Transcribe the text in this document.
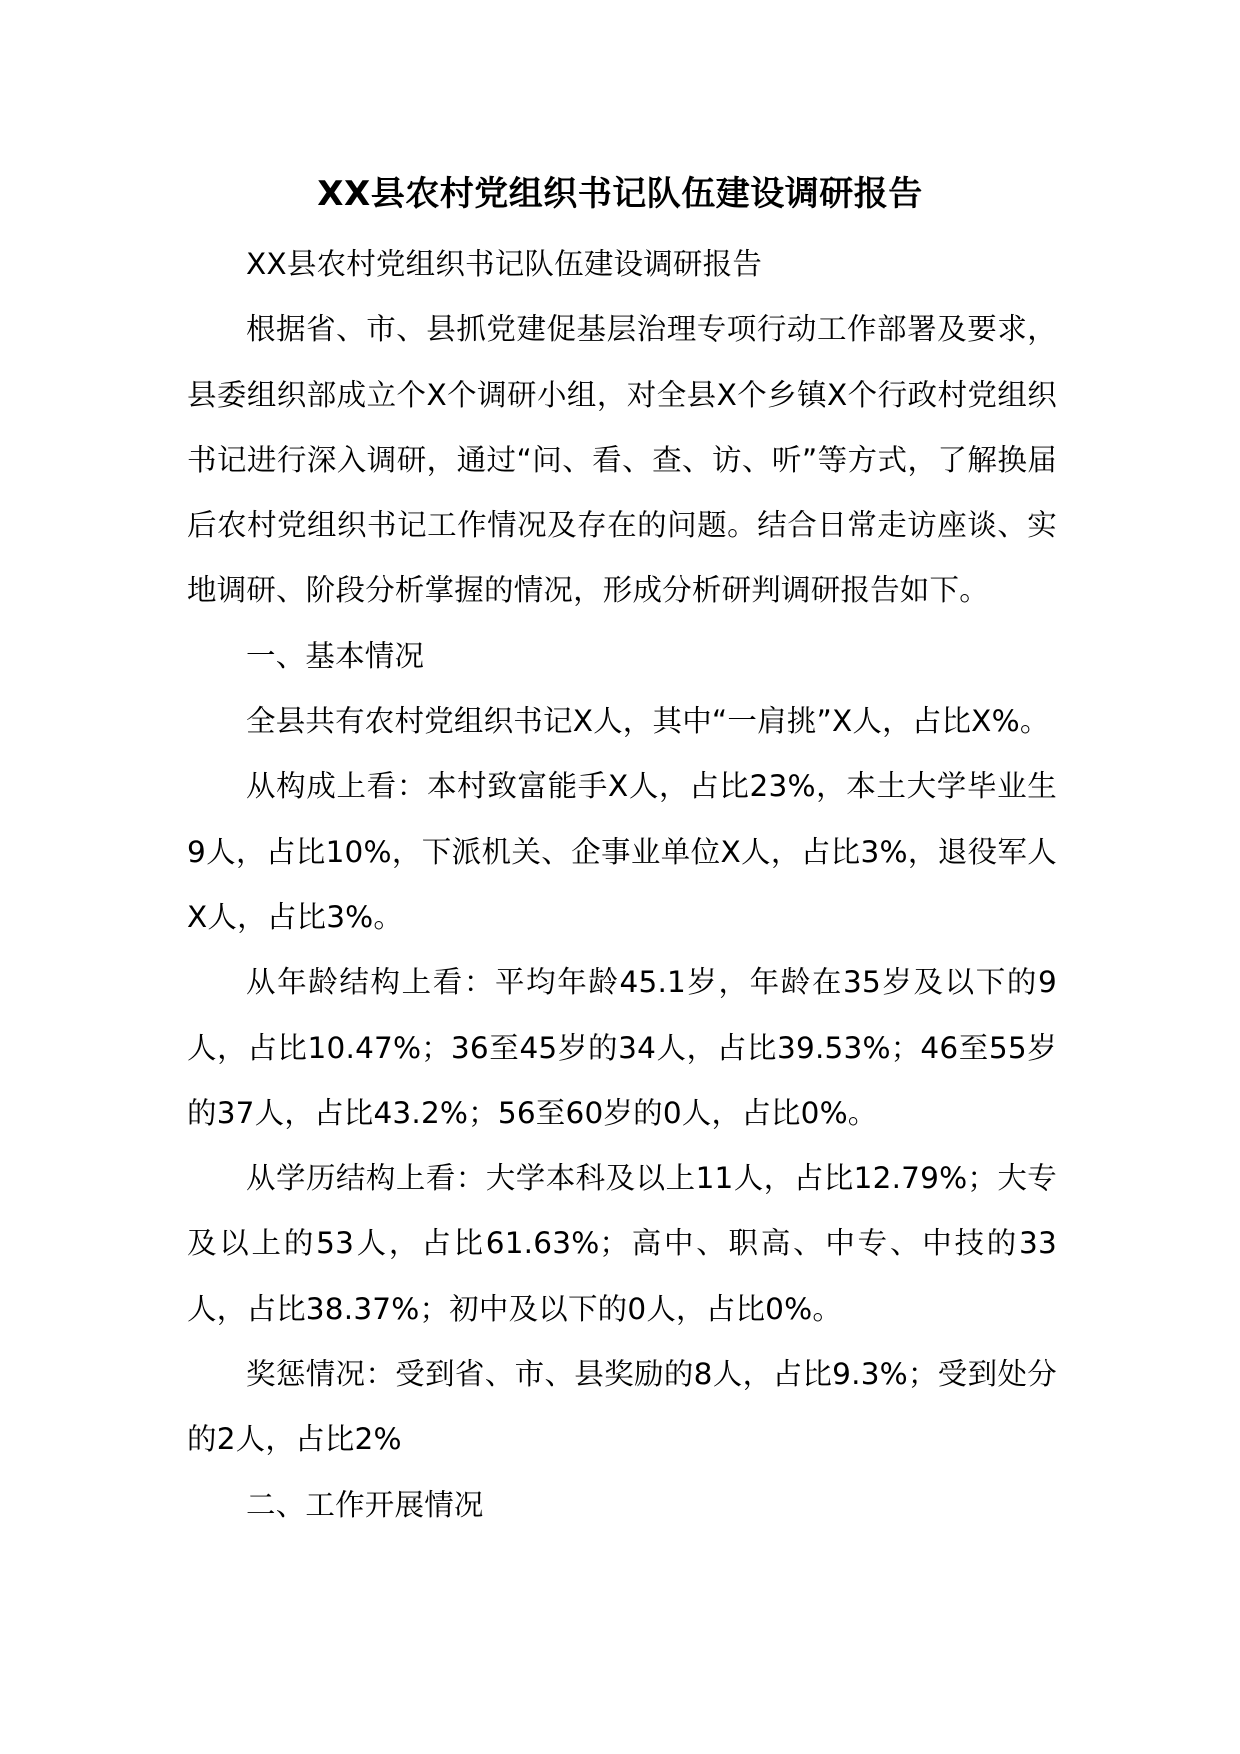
XX县农村党组织书记队伍建设调研报告

XX县农村党组织书记队伍建设调研报告

根据省、市、县抓党建促基层治理专项行动工作部署及要求，县委组织部成立个X个调研小组，对全县X个乡镇X个行政村党组织书记进行深入调研，通过“问、看、查、访、听”等方式，了解换届后农村党组织书记工作情况及存在的问题。结合日常走访座谈、实地调研、阶段分析掌握的情况，形成分析研判调研报告如下。

一、基本情况

全县共有农村党组织书记X人，其中“一肩挑”X人，占比X%。

从构成上看：本村致富能手X人，占比23%，本土大学毕业生9人，占比10%，下派机关、企事业单位X人，占比3%，退役军人X人，占比3%。

从年龄结构上看：平均年龄45.1岁，年龄在35岁及以下的9人，占比10.47%；36至45岁的34人，占比39.53%；46至55岁的37人，占比43.2%；56至60岁的0人，占比0%。

从学历结构上看：大学本科及以上11人，占比12.79%；大专及以上的53人，占比61.63%；高中、职高、中专、中技的33人，占比38.37%；初中及以下的0人，占比0%。

奖惩情况：受到省、市、县奖励的8人，占比9.3%；受到处分的2人，占比2%

二、工作开展情况
